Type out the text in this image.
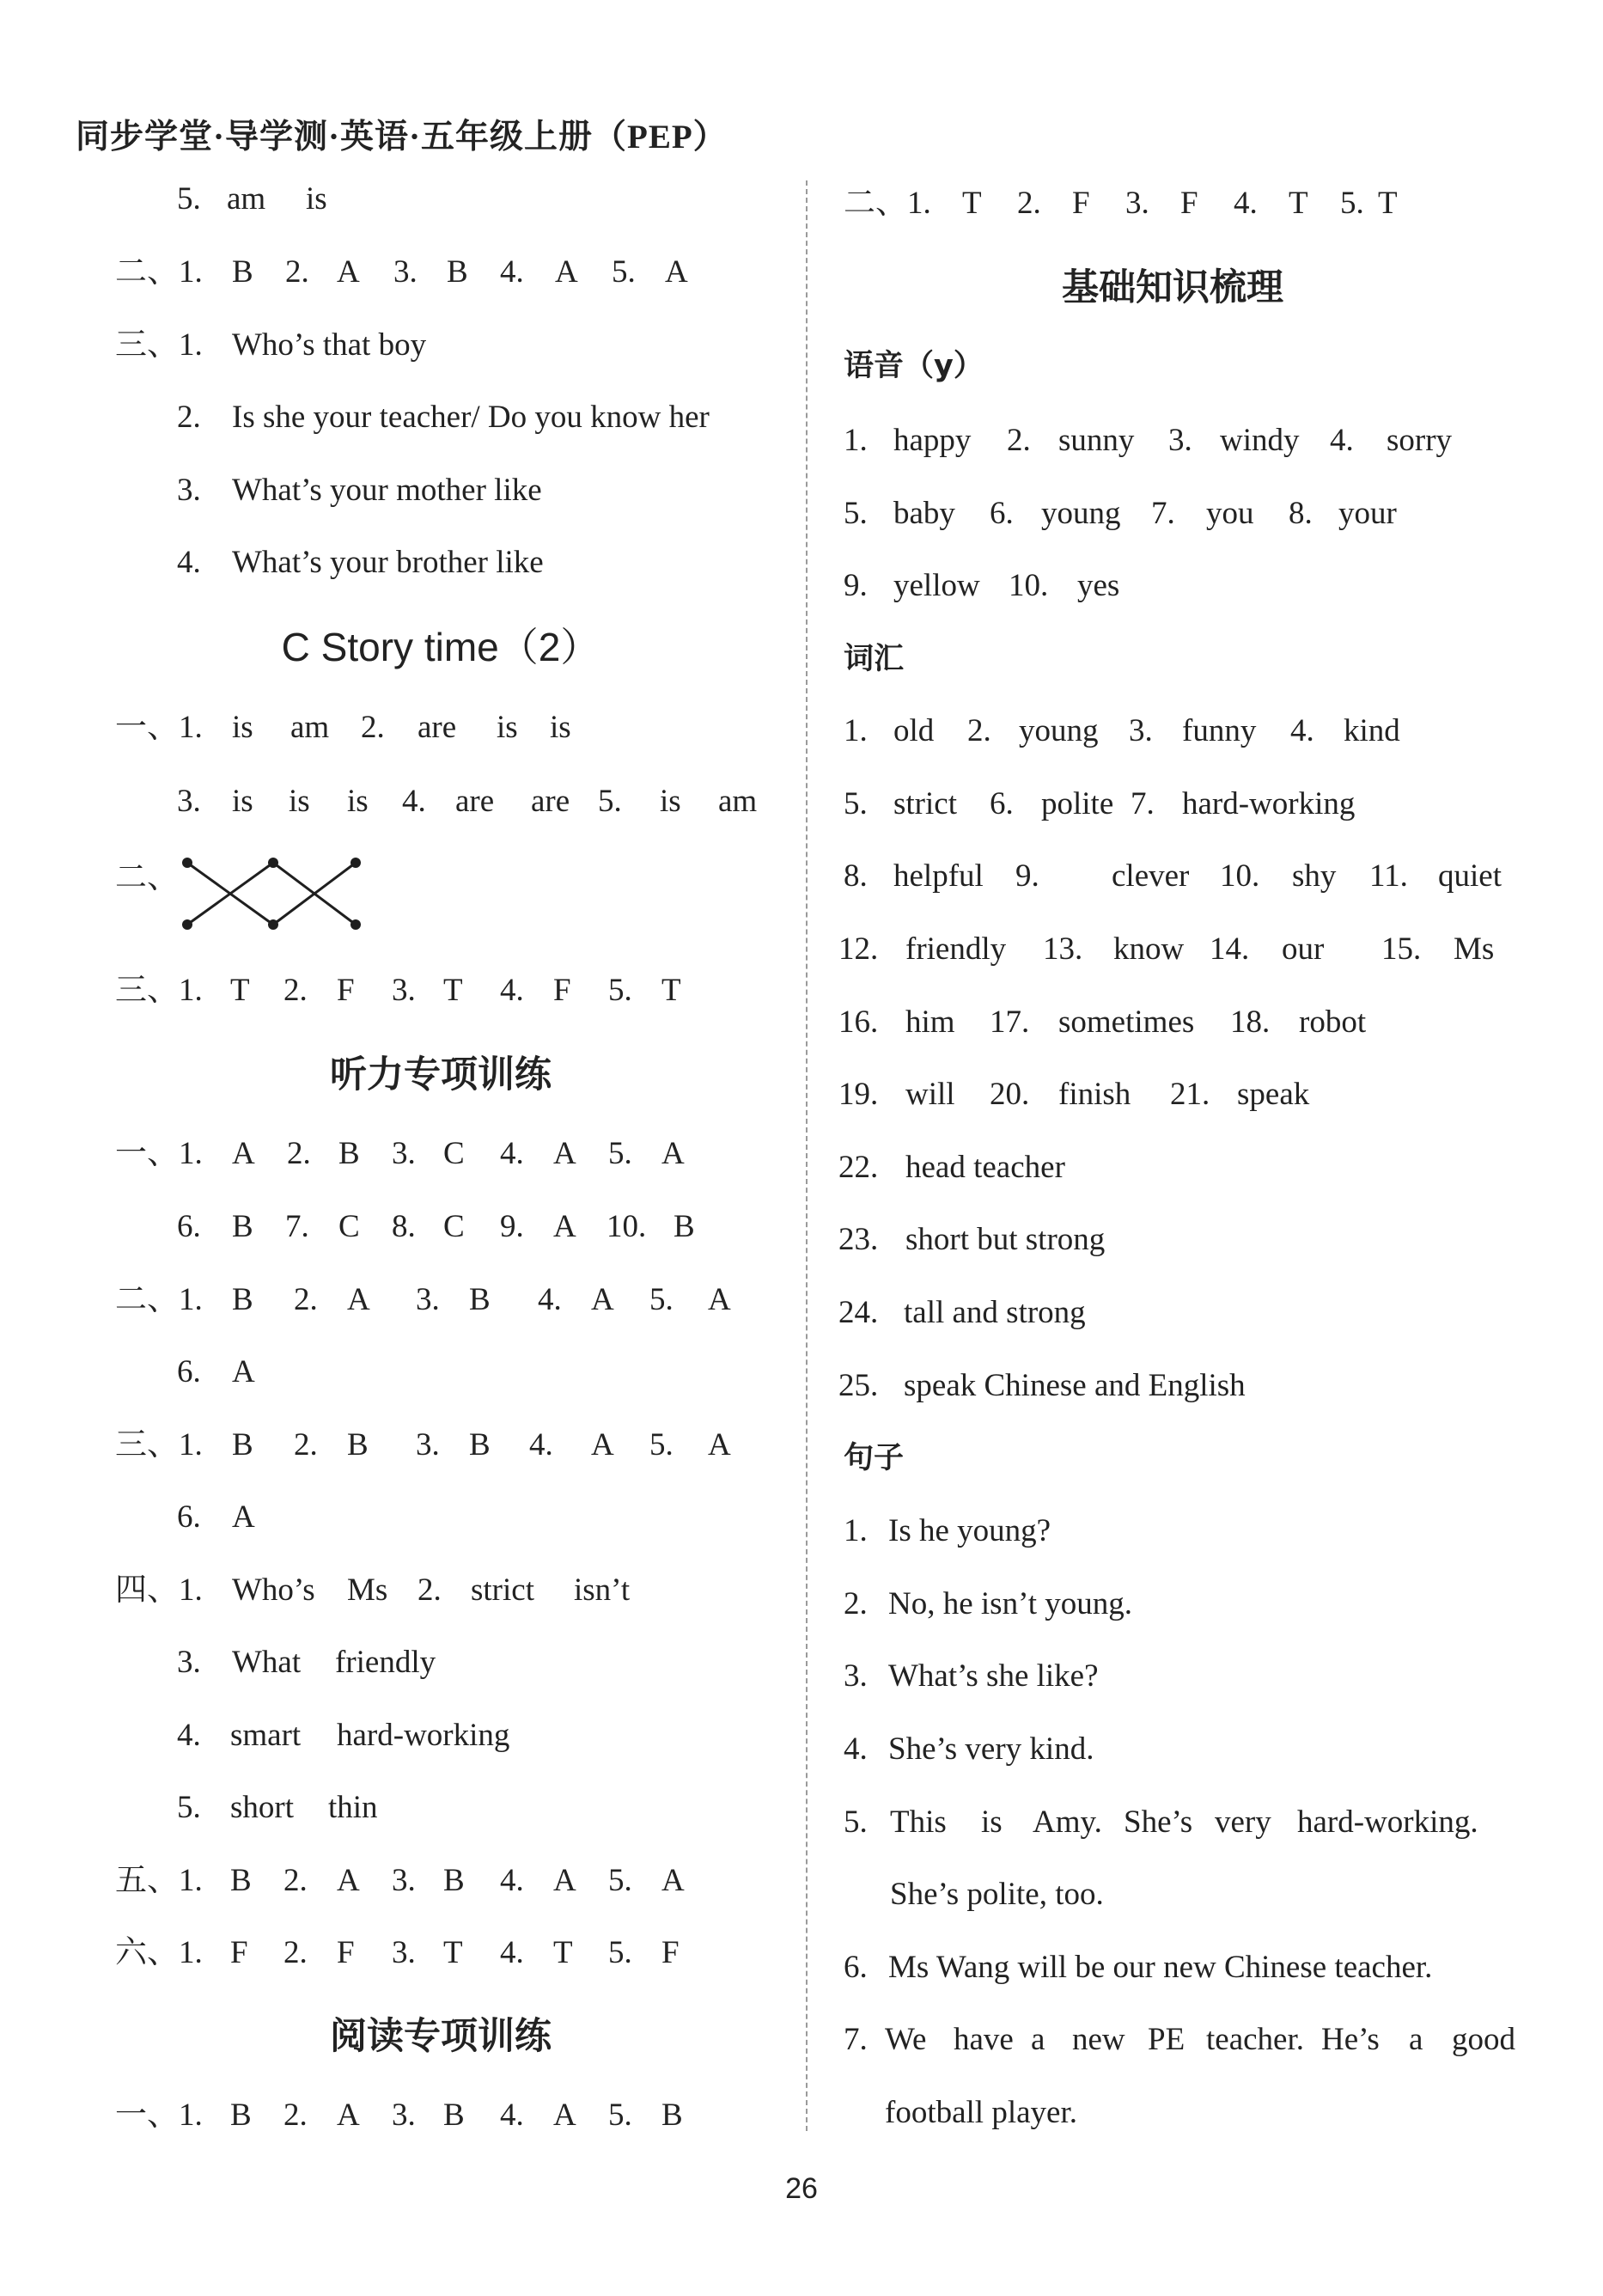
同步学堂·导学测·英语·五年级上册（PEP）
5. am is
二、1. B 2. A 3. B 4. A 5. A
三、1. Who’s that boy
2. Is she your teacher/ Do you know her
3. What’s your mother like
4. What’s your brother like
C Story time（2）
一、1. is am 2. are is is
3. is is is 4. are are 5. is am
二、
三、1. T 2. F 3. T 4. F 5. T
听力专项训练
一、1. A 2. B 3. C 4. A 5. A
6. B 7. C 8. C 9. A 10. B
二、1. B 2. A 3. B 4. A 5. A
6. A
三、1. B 2. B 3. B 4. A 5. A
6. A
四、1. Who’s Ms 2. strict isn’t
3. What friendly
4. smart hard-working
5. short thin
五、1. B 2. A 3. B 4. A 5. A
六、1. F 2. F 3. T 4. T 5. F
阅读专项训练
一、1. B 2. A 3. B 4. A 5. B
二、1. T 2. F 3. F 4. T 5. T
基础知识梳理
语音（y）
1. happy 2. sunny 3. windy 4. sorry
5. baby 6. young 7. you 8. your
9. yellow 10. yes
词汇
1. old 2. young 3. funny 4. kind
5. strict 6. polite 7. hard-working
8. helpful 9. clever 10. shy 11. quiet
12. friendly 13. know 14. our 15. Ms
16. him 17. sometimes 18. robot
19. will 20. finish 21. speak
22. head teacher
23. short but strong
24. tall and strong
25. speak Chinese and English
句子
1. Is he young?
2. No, he isn’t young.
3. What’s she like?
4. She’s very kind.
5. This is Amy. She’s very hard-working.
She’s polite, too.
6. Ms Wang will be our new Chinese teacher.
7. We have a new PE teacher. He’s a good
football player.
26
